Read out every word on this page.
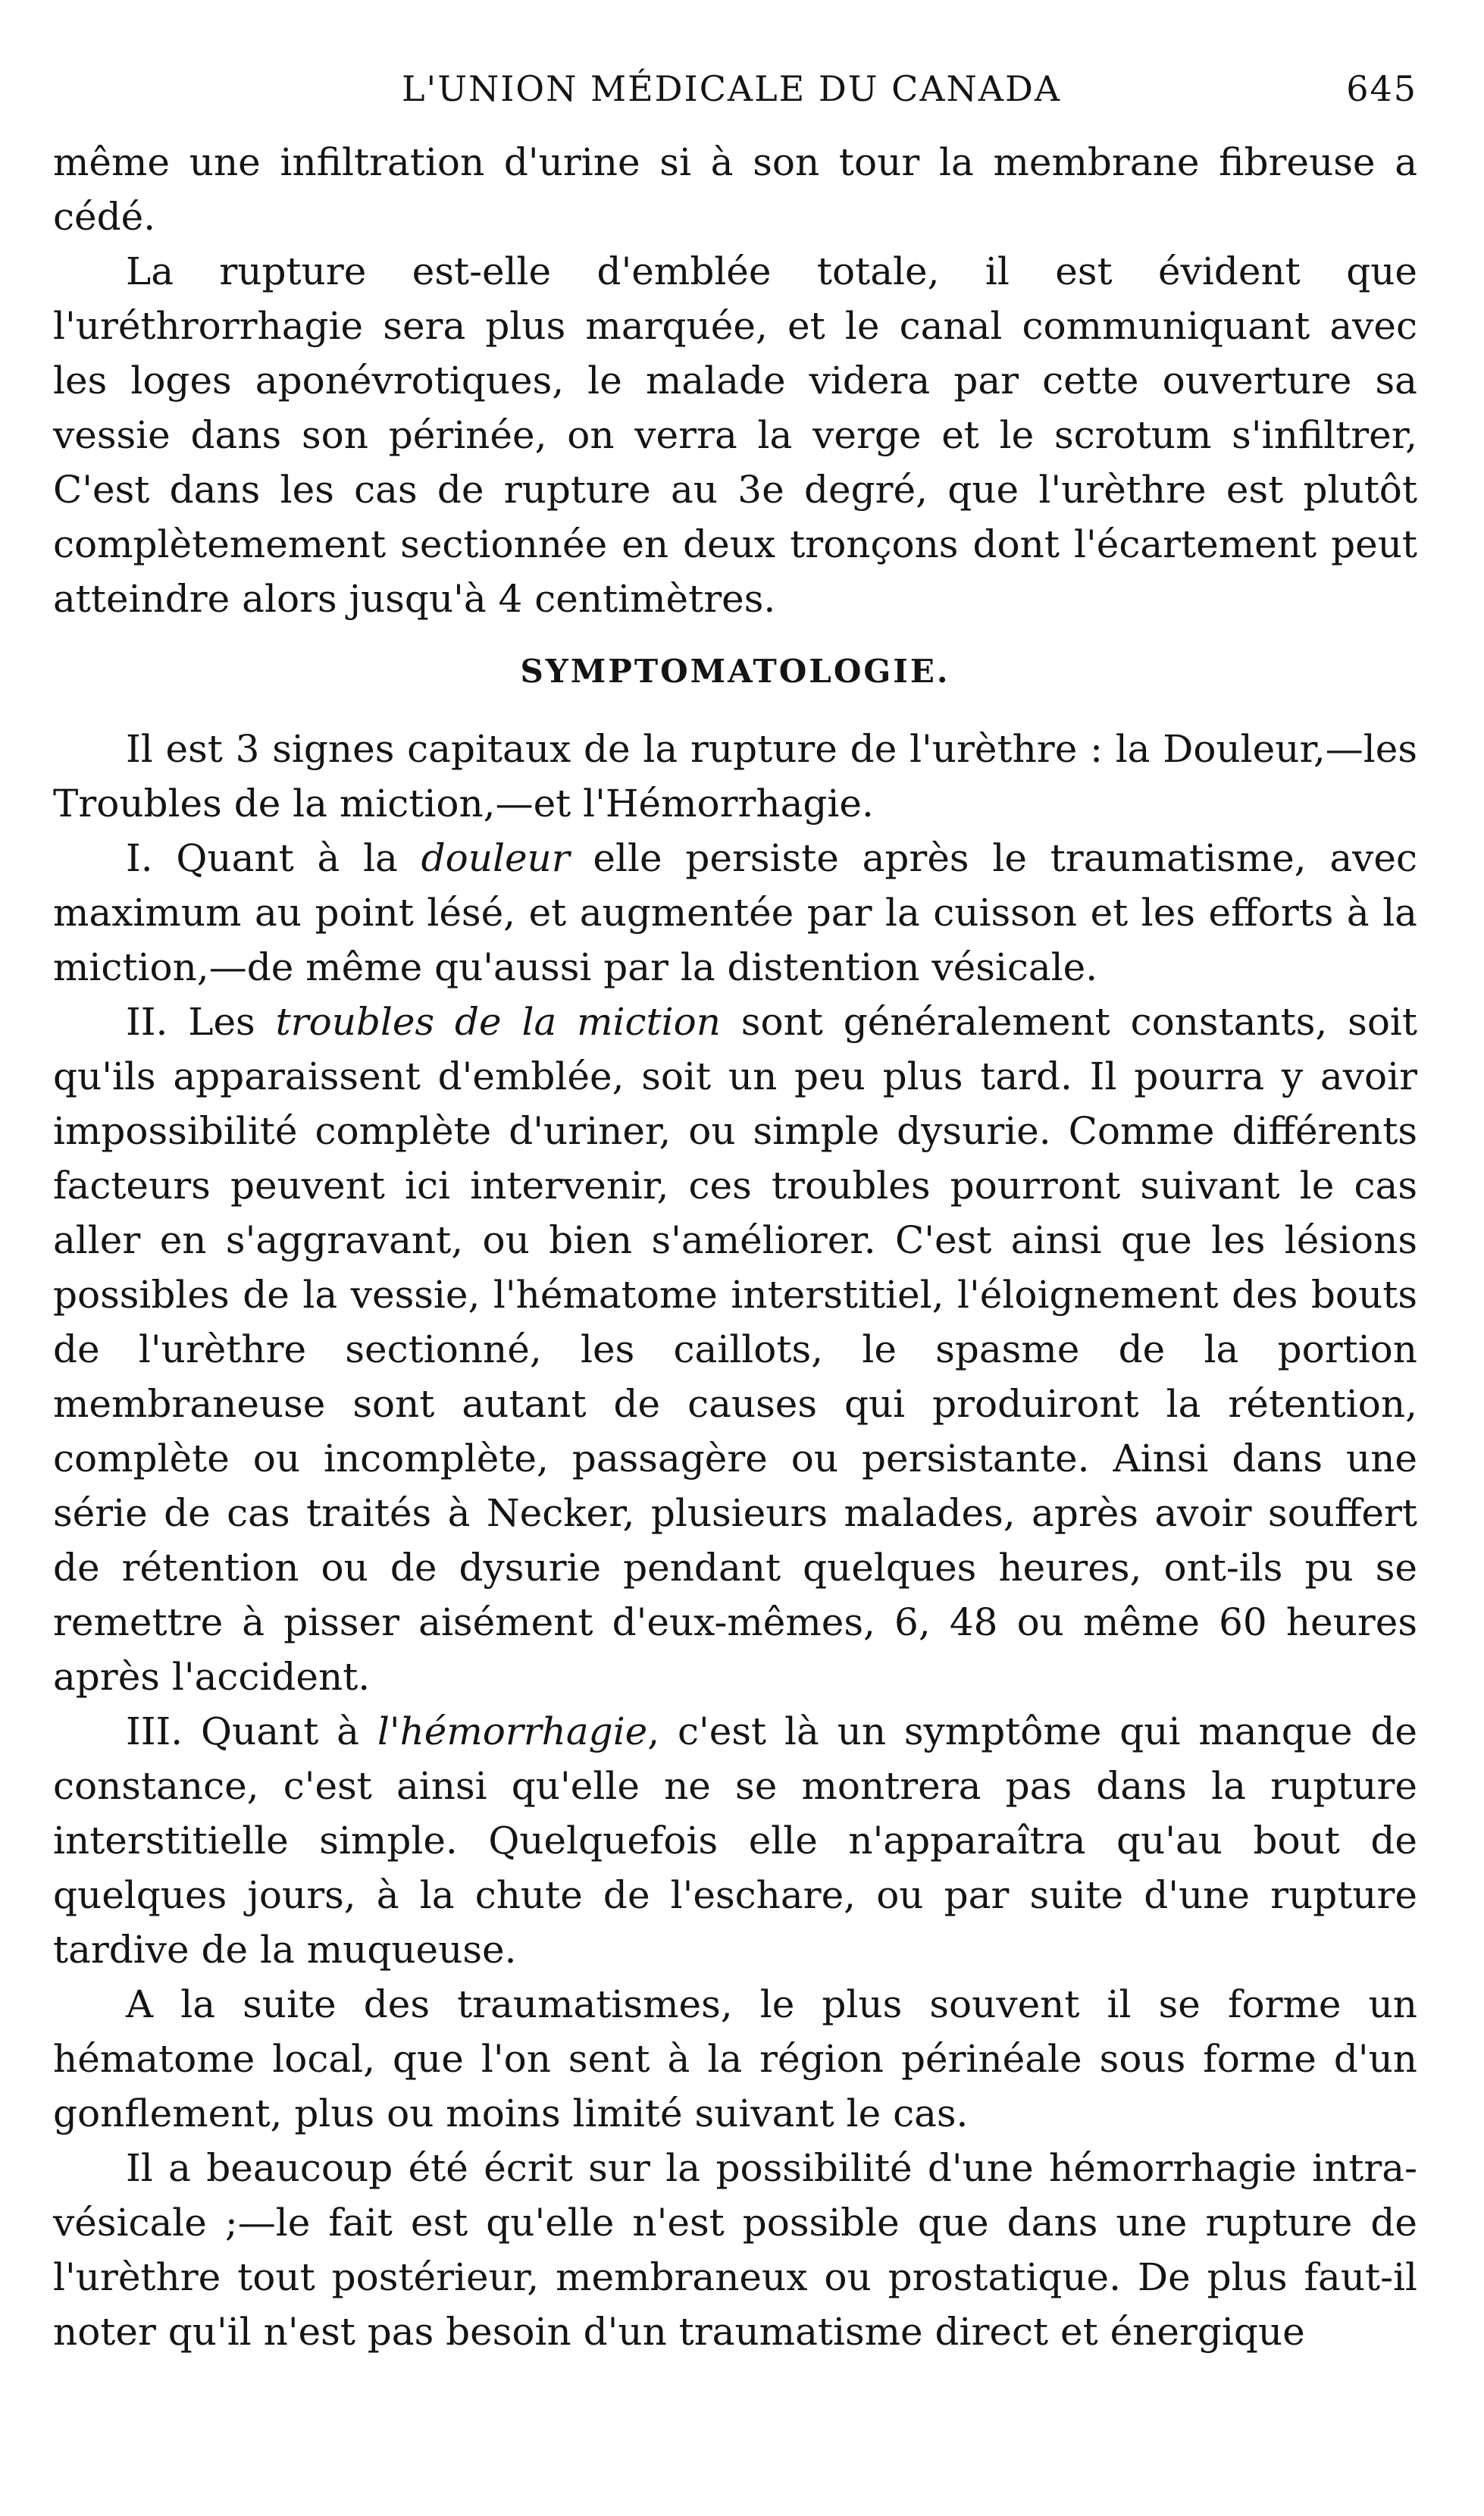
L'UNION MÉDICALE DU CANADA	645

même une infiltration d'urine si à son tour la membrane fibreuse a cédé.

La rupture est-elle d'emblée totale, il est évident que l'uréthrorrhagie sera plus marquée, et le canal communiquant avec les loges aponévrotiques, le malade videra par cette ouverture sa vessie dans son périnée, on verra la verge et le scrotum s'infiltrer, C'est dans les cas de rupture au 3e degré, que l'urèthre est plutôt complètemement sectionnée en deux tronçons dont l'écartement peut atteindre alors jusqu'à 4 centimètres.

SYMPTOMATOLOGIE.

Il est 3 signes capitaux de la rupture de l'urèthre : la Douleur,—les Troubles de la miction,—et l'Hémorrhagie.

I. Quant à la douleur elle persiste après le traumatisme, avec maximum au point lésé, et augmentée par la cuisson et les efforts à la miction,—de même qu'aussi par la distention vésicale.

II. Les troubles de la miction sont généralement constants, soit qu'ils apparaissent d'emblée, soit un peu plus tard. Il pourra y avoir impossibilité complète d'uriner, ou simple dysurie. Comme différents facteurs peuvent ici intervenir, ces troubles pourront suivant le cas aller en s'aggravant, ou bien s'améliorer. C'est ainsi que les lésions possibles de la vessie, l'hématome interstitiel, l'éloignement des bouts de l'urèthre sectionné, les caillots, le spasme de la portion membraneuse sont autant de causes qui produiront la rétention, complète ou incomplète, passagère ou persistante. Ainsi dans une série de cas traités à Necker, plusieurs malades, après avoir souffert de rétention ou de dysurie pendant quelques heures, ont-ils pu se remettre à pisser aisément d'eux-mêmes, 6, 48 ou même 60 heures après l'accident.

III. Quant à l'hémorrhagie, c'est là un symptôme qui manque de constance, c'est ainsi qu'elle ne se montrera pas dans la rupture interstitielle simple. Quelquefois elle n'apparaîtra qu'au bout de quelques jours, à la chute de l'eschare, ou par suite d'une rupture tardive de la muqueuse.

A la suite des traumatismes, le plus souvent il se forme un hématome local, que l'on sent à la région périnéale sous forme d'un gonflement, plus ou moins limité suivant le cas.

Il a beaucoup été écrit sur la possibilité d'une hémorrhagie intra-vésicale ;—le fait est qu'elle n'est possible que dans une rupture de l'urèthre tout postérieur, membraneux ou prostatique. De plus faut-il noter qu'il n'est pas besoin d'un traumatisme direct et énergique
